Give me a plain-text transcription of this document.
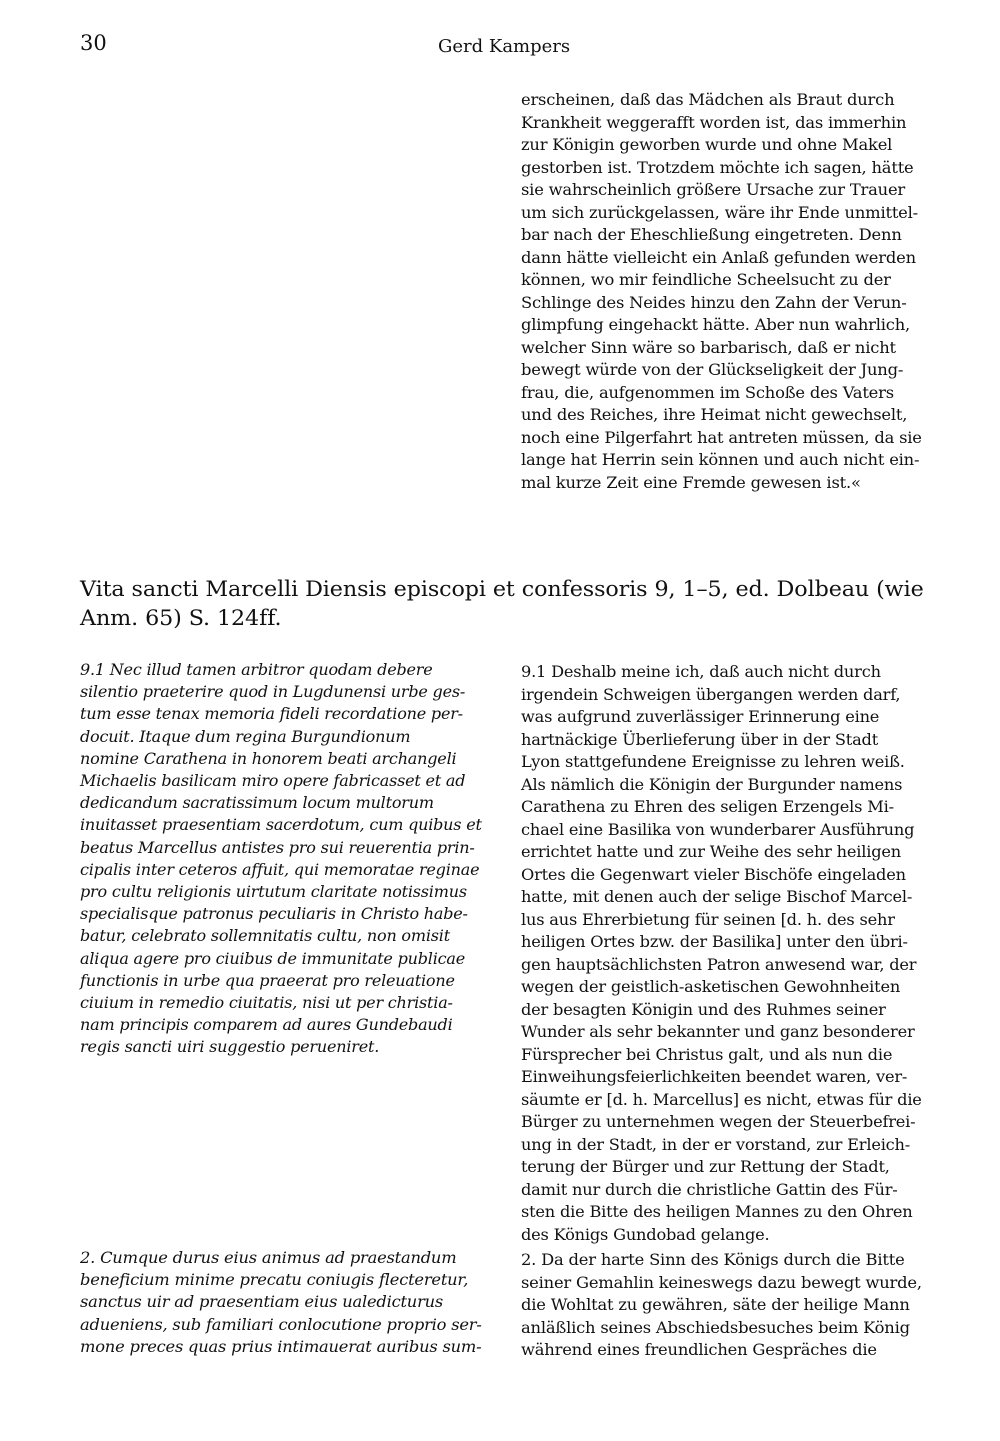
30	Gerd Kampers

erscheinen, daß das Mädchen als Braut durch
Krankheit weggerafft worden ist, das immerhin
zur Königin geworben wurde und ohne Makel
gestorben ist. Trotzdem möchte ich sagen, hätte
sie wahrscheinlich größere Ursache zur Trauer
um sich zurückgelassen, wäre ihr Ende unmittel-
bar nach der Eheschließung eingetreten. Denn
dann hätte vielleicht ein Anlaß gefunden werden
können, wo mir feindliche Scheelsucht zu der
Schlinge des Neides hinzu den Zahn der Verun-
glimpfung eingehackt hätte. Aber nun wahrlich,
welcher Sinn wäre so barbarisch, daß er nicht
bewegt würde von der Glückseligkeit der Jung-
frau, die, aufgenommen im Schoße des Vaters
und des Reiches, ihre Heimat nicht gewechselt,
noch eine Pilgerfahrt hat antreten müssen, da sie
lange hat Herrin sein können und auch nicht ein-
mal kurze Zeit eine Fremde gewesen ist.«

Vita sancti Marcelli Diensis episcopi et confessoris 9, 1–5, ed. Dolbeau (wie
Anm. 65) S. 124ff.

9.1 Nec illud tamen arbitror quodam debere
silentio praeterire quod in Lugdunensi urbe ges-
tum esse tenax memoria fideli recordatione per-
docuit. Itaque dum regina Burgundionum
nomine Carathena in honorem beati archangeli
Michaelis basilicam miro opere fabricasset et ad
dedicandum sacratissimum locum multorum
inuitasset praesentiam sacerdotum, cum quibus et
beatus Marcellus antistes pro sui reuerentia prin-
cipalis inter ceteros affuit, qui memoratae reginae
pro cultu religionis uirtutum claritate notissimus
specialisque patronus peculiaris in Christo habe-
batur, celebrato sollemnitatis cultu, non omisit
aliqua agere pro ciuibus de immunitate publicae
functionis in urbe qua praeerat pro releuatione
ciuium in remedio ciuitatis, nisi ut per christia-
nam principis comparem ad aures Gundebaudi
regis sancti uiri suggestio perueniret.

9.1 Deshalb meine ich, daß auch nicht durch
irgendein Schweigen übergangen werden darf,
was aufgrund zuverlässiger Erinnerung eine
hartnäckige Überlieferung über in der Stadt
Lyon stattgefundene Ereignisse zu lehren weiß.
Als nämlich die Königin der Burgunder namens
Carathena zu Ehren des seligen Erzengels Mi-
chael eine Basilika von wunderbarer Ausführung
errichtet hatte und zur Weihe des sehr heiligen
Ortes die Gegenwart vieler Bischöfe eingeladen
hatte, mit denen auch der selige Bischof Marcel-
lus aus Ehrerbietung für seinen [d. h. des sehr
heiligen Ortes bzw. der Basilika] unter den übri-
gen hauptsächlichsten Patron anwesend war, der
wegen der geistlich-asketischen Gewohnheiten
der besagten Königin und des Ruhmes seiner
Wunder als sehr bekannter und ganz besonderer
Fürsprecher bei Christus galt, und als nun die
Einweihungsfeierlichkeiten beendet waren, ver-
säumte er [d. h. Marcellus] es nicht, etwas für die
Bürger zu unternehmen wegen der Steuerbefrei-
ung in der Stadt, in der er vorstand, zur Erleich-
terung der Bürger und zur Rettung der Stadt,
damit nur durch die christliche Gattin des Für-
sten die Bitte des heiligen Mannes zu den Ohren
des Königs Gundobad gelange.

2. Cumque durus eius animus ad praestandum
beneficium minime precatu coniugis flecteretur,
sanctus uir ad praesentiam eius ualedicturus
adueniens, sub familiari conlocutione proprio ser-
mone preces quas prius intimauerat auribus sum-

2. Da der harte Sinn des Königs durch die Bitte
seiner Gemahlin keineswegs dazu bewegt wurde,
die Wohltat zu gewähren, säte der heilige Mann
anläßlich seines Abschiedsbesuches beim König
während eines freundlichen Gespräches die
